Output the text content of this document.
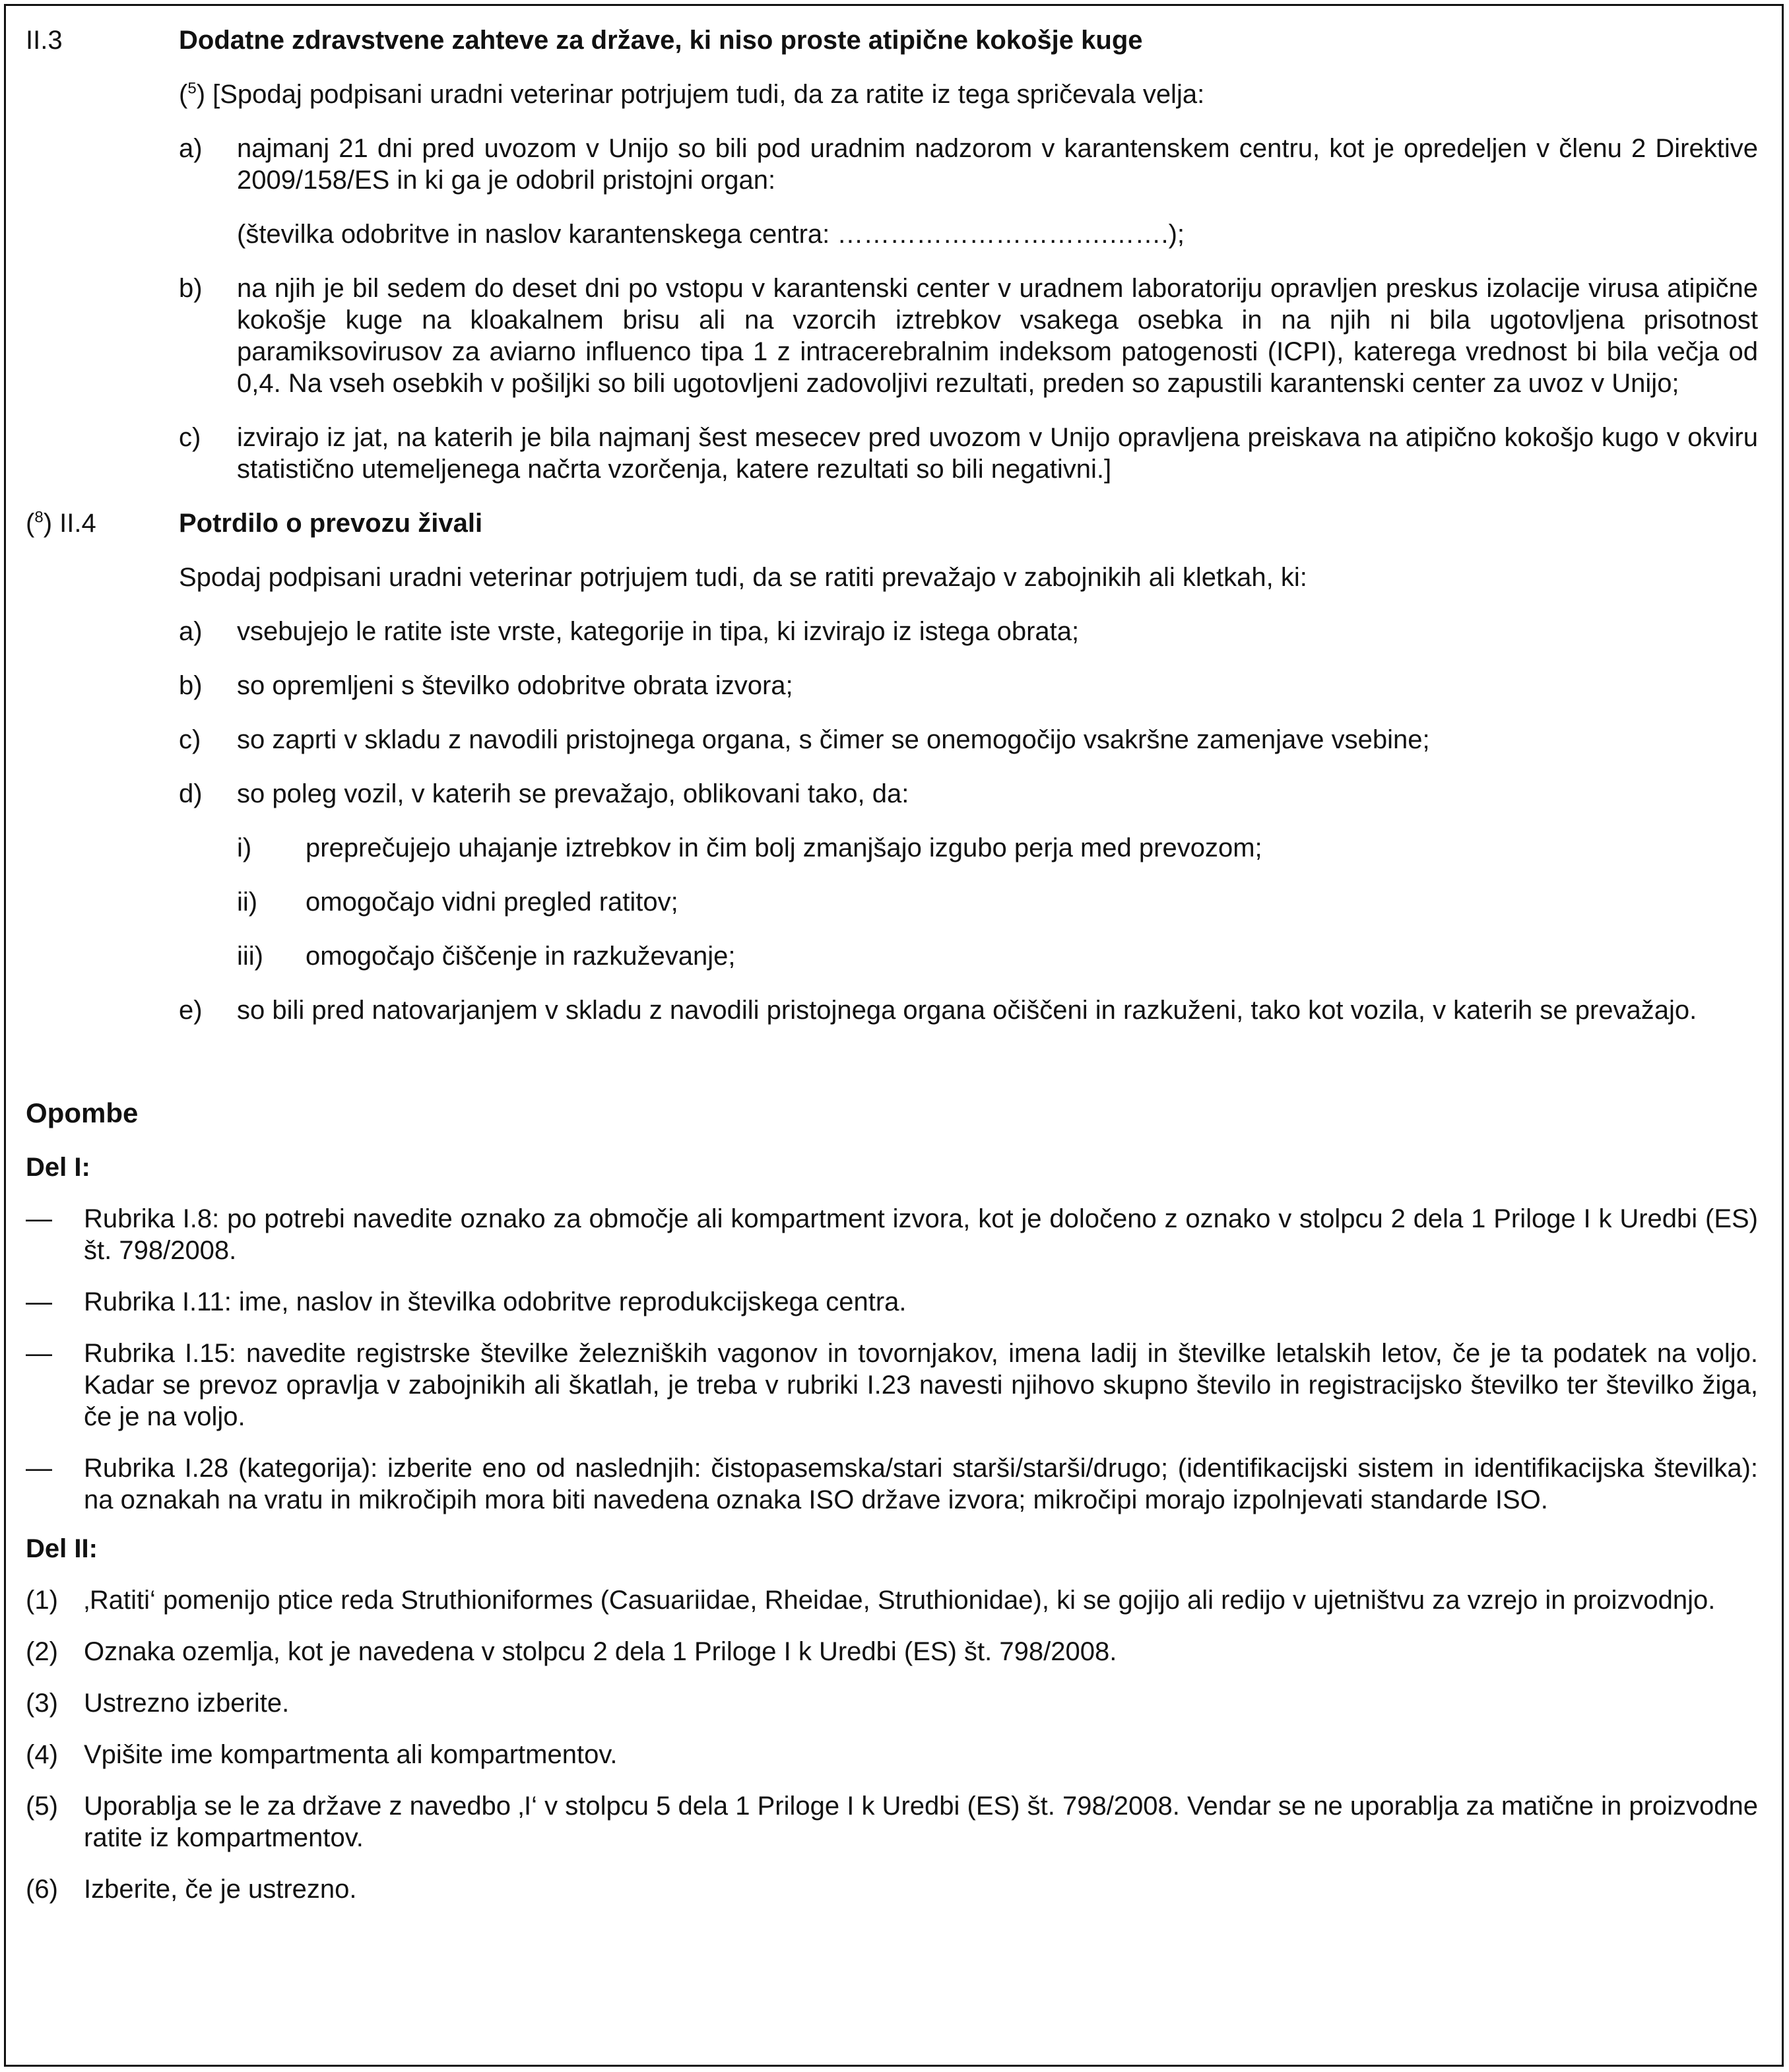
II.3	Dodatne zdravstvene zahteve za države, ki niso proste atipične kokošje kuge

($^5$) [Spodaj podpisani uradni veterinar potrjujem tudi, da za ratite iz tega spričevala velja:

a)	najmanj 21 dni pred uvozom v Unijo so bili pod uradnim nadzorom v karantenskem centru, kot je opredeljen v členu 2 Direktive 2009/158/ES in ki ga je odobril pristojni organ:
(številka odobritve in naslov karantenskega centra: ………………………….…….);
b)	na njih je bil sedem do deset dni po vstopu v karantenski center v uradnem laboratoriju opravljen preskus izolacije virusa atipične kokošje kuge na kloakalnem brisu ali na vzorcih iztrebkov vsakega osebka in na njih ni bila ugotovljena prisotnost paramiksovirusov za aviarno influenco tipa 1 z intracerebralnim indeksom patogenosti (ICPI), katerega vrednost bi bila večja od 0,4. Na vseh osebkih v pošiljki so bili ugotovljeni zadovoljivi rezultati, preden so zapustili karantenski center za uvoz v Unijo;
c)	izvirajo iz jat, na katerih je bila najmanj šest mesecev pred uvozom v Unijo opravljena preiskava na atipično kokošjo kugo v okviru statistično utemeljenega načrta vzorčenja, katere rezultati so bili negativni.]
($^8$) II.4	Potrdilo o prevozu živali

Spodaj podpisani uradni veterinar potrjujem tudi, da se ratiti prevažajo v zabojnikih ali kletkah, ki:

a)	vsebujejo le ratite iste vrste, kategorije in tipa, ki izvirajo iz istega obrata;
b)	so opremljeni s številko odobritve obrata izvora;
c)	so zaprti v skladu z navodili pristojnega organa, s čimer se onemogočijo vsakršne zamenjave vsebine;
d)	so poleg vozil, v katerih se prevažajo, oblikovani tako, da:
i)	preprečujejo uhajanje iztrebkov in čim bolj zmanjšajo izgubo perja med prevozom;
ii)	omogočajo vidni pregled ratitov;
iii)	omogočajo čiščenje in razkuževanje;
e)	so bili pred natovarjanjem v skladu z navodili pristojnega organa očiščeni in razkuženi, tako kot vozila, v katerih se prevažajo.
Opombe
Del I:
—	Rubrika I.8: po potrebi navedite oznako za območje ali kompartment izvora, kot je določeno z oznako v stolpcu 2 dela 1 Priloge I k Uredbi (ES) št. 798/2008.
—	Rubrika I.11: ime, naslov in številka odobritve reprodukcijskega centra.
—	Rubrika I.15: navedite registrske številke železniških vagonov in tovornjakov, imena ladij in številke letalskih letov, če je ta podatek na voljo. Kadar se prevoz opravlja v zabojnikih ali škatlah, je treba v rubriki I.23 navesti njihovo skupno število in registracijsko številko ter številko žiga, če je na voljo.
—	Rubrika I.28 (kategorija): izberite eno od naslednjih: čistopasemska/stari starši/starši/drugo; (identifikacijski sistem in identifikacijska številka): na oznakah na vratu in mikročipih mora biti navedena oznaka ISO države izvora; mikročipi morajo izpolnjevati standarde ISO.
Del II:
(1) ‚Ratiti‘ pomenijo ptice reda Struthioniformes (Casuariidae, Rheidae, Struthionidae), ki se gojijo ali redijo v ujetništvu za vzrejo in proizvodnjo.
(2) Oznaka ozemlja, kot je navedena v stolpcu 2 dela 1 Priloge I k Uredbi (ES) št. 798/2008.
(3) Ustrezno izberite.
(4) Vpišite ime kompartmenta ali kompartmentov.
(5) Uporablja se le za države z navedbo ‚I‘ v stolpcu 5 dela 1 Priloge I k Uredbi (ES) št. 798/2008. Vendar se ne uporablja za matične in proizvodne ratite iz kompartmentov.
(6) Izberite, če je ustrezno.
